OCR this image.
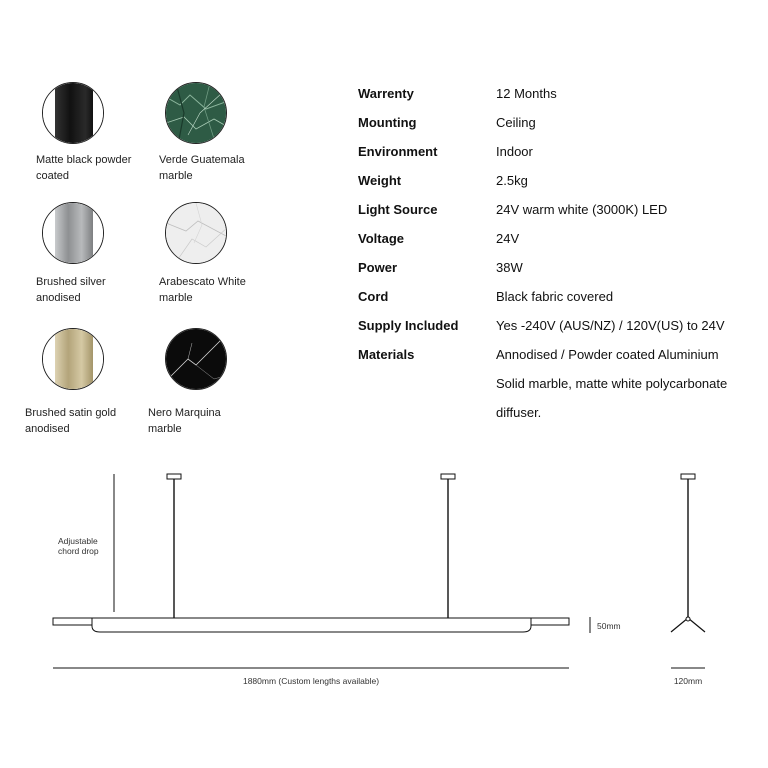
Matte black powder
coated
Verde Guatemala
marble
Brushed silver
anodised
Arabescato White
marble
Brushed satin gold
anodised
Nero Marquina
marble
Warrenty	12 Months
Mounting	Ceiling
Environment	Indoor
Weight	2.5kg
Light Source	24V warm white (3000K) LED
Voltage	24V
Power	38W
Cord	Black fabric covered
Supply Included	Yes -240V (AUS/NZ) / 120V(US) to 24V
Materials	Annodised / Powder coated Aluminium
Solid marble, matte white polycarbonate
diffuser.
Adjustable
chord drop
50mm
1880mm (Custom lengths available)	120mm
